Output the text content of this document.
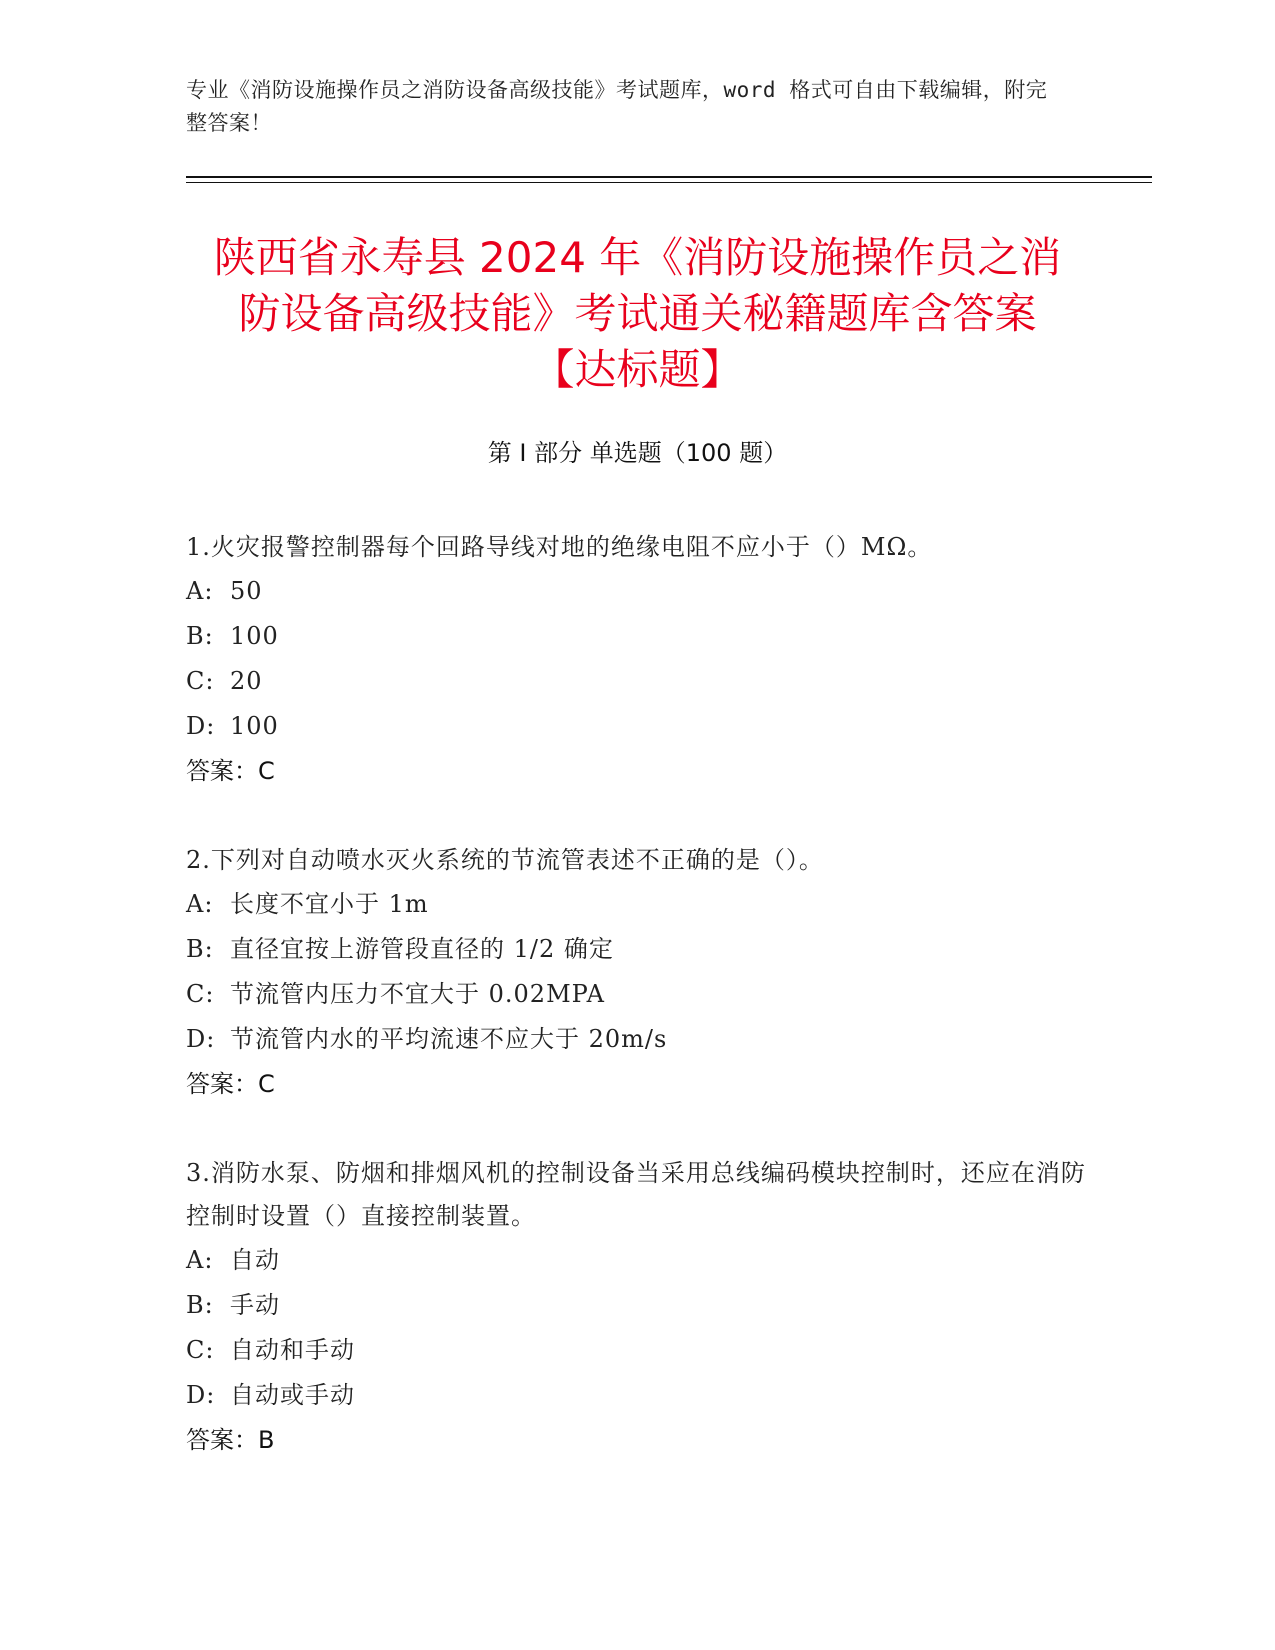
专业《消防设施操作员之消防设备高级技能》考试题库，word 格式可自由下载编辑，附完整答案！
陕西省永寿县 2024 年《消防设施操作员之消
防设备高级技能》考试通关秘籍题库含答案
【达标题】
第 I 部分 单选题（100 题）
1.火灾报警控制器每个回路导线对地的绝缘电阻不应小于（）MΩ。
A: 50
B: 100
C: 20
D: 100
答案：C
2.下列对自动喷水灭火系统的节流管表述不正确的是（）。
A: 长度不宜小于 1m
B: 直径宜按上游管段直径的 1/2 确定
C: 节流管内压力不宜大于 0.02MPA
D: 节流管内水的平均流速不应大于 20m/s
答案：C
3.消防水泵、防烟和排烟风机的控制设备当采用总线编码模块控制时，还应在消防控制时设置（）直接控制装置。
A: 自动
B: 手动
C: 自动和手动
D: 自动或手动
答案：B
